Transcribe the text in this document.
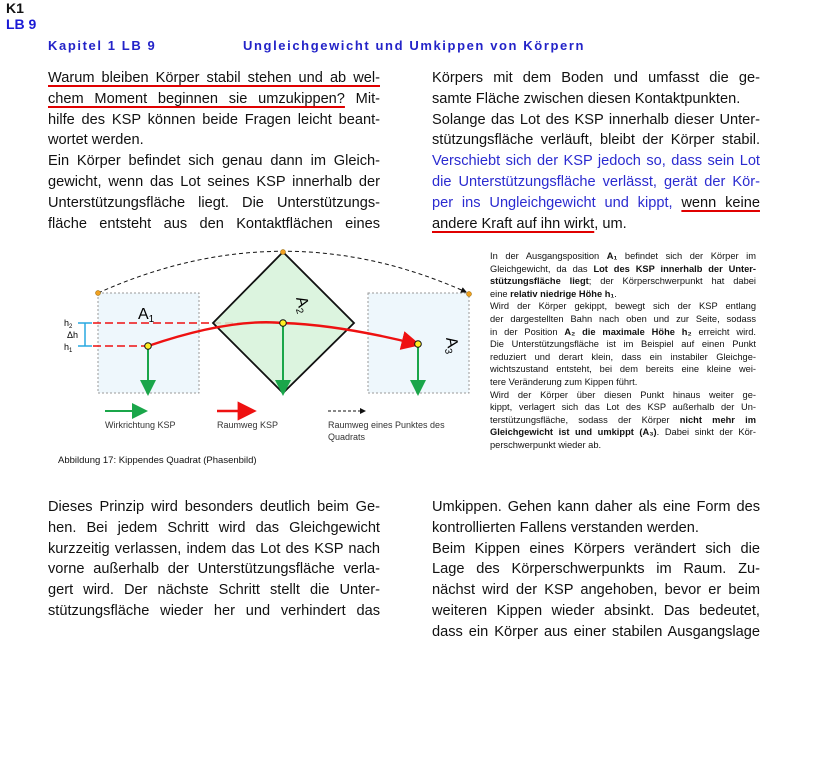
K1
LB 9
Kapitel 1 LB 9	Ungleichgewicht und Umkippen von Körpern
Warum bleiben Körper stabil stehen und ab wel-
chem Moment beginnen sie umzukippen? Mit-
hilfe des KSP können beide Fragen leicht beant-
wortet werden.
Ein Körper befindet sich genau dann im Gleich-
gewicht, wenn das Lot seines KSP innerhalb der
Unterstützungsfläche liegt. Die Unterstützungs-
fläche entsteht aus den Kontaktflächen eines
Körpers mit dem Boden und umfasst die ge-
samte Fläche zwischen diesen Kontaktpunkten.
Solange das Lot des KSP innerhalb dieser Unter-
stützungsfläche verläuft, bleibt der Körper stabil.
Verschiebt sich der KSP jedoch so, dass sein Lot
die Unterstützungsfläche verlässt, gerät der Kör-
per ins Ungleichgewicht und kippt, wenn keine
andere Kraft auf ihn wirkt, um.
A1
A2
A3
$h_2$
Δh
$h_1$
Wirkrichtung KSP	Raumweg KSP	Raumweg eines Punktes des
Quadrats
Abbildung 17: Kippendes Quadrat (Phasenbild)
In der Ausgangsposition A₁ befindet sich der Körper im
Gleichgewicht, da das Lot des KSP innerhalb der Unter-
stützungsfläche liegt; der Körperschwerpunkt hat dabei
eine relativ niedrige Höhe h₁.
Wird der Körper gekippt, bewegt sich der KSP entlang
der dargestellten Bahn nach oben und zur Seite, sodass
in der Position A₂ die maximale Höhe h₂ erreicht wird.
Die Unterstützungsfläche ist im Beispiel auf einen Punkt
reduziert und derart klein, dass ein instabiler Gleichge-
wichtszustand entsteht, bei dem bereits eine kleine wei-
tere Veränderung zum Kippen führt.
Wird der Körper über diesen Punkt hinaus weiter ge-
kippt, verlagert sich das Lot des KSP außerhalb der Un-
terstützungsfläche, sodass der Körper nicht mehr im
Gleichgewicht ist und umkippt (A₃). Dabei sinkt der Kör-
perschwerpunkt wieder ab.
Dieses Prinzip wird besonders deutlich beim Ge-
hen. Bei jedem Schritt wird das Gleichgewicht
kurzzeitig verlassen, indem das Lot des KSP nach
vorne außerhalb der Unterstützungsfläche verla-
gert wird. Der nächste Schritt stellt die Unter-
stützungsfläche wieder her und verhindert das
Umkippen. Gehen kann daher als eine Form des
kontrollierten Fallens verstanden werden.
Beim Kippen eines Körpers verändert sich die
Lage des Körperschwerpunkts im Raum. Zu-
nächst wird der KSP angehoben, bevor er beim
weiteren Kippen wieder absinkt. Das bedeutet,
dass ein Körper aus einer stabilen Ausgangslage
